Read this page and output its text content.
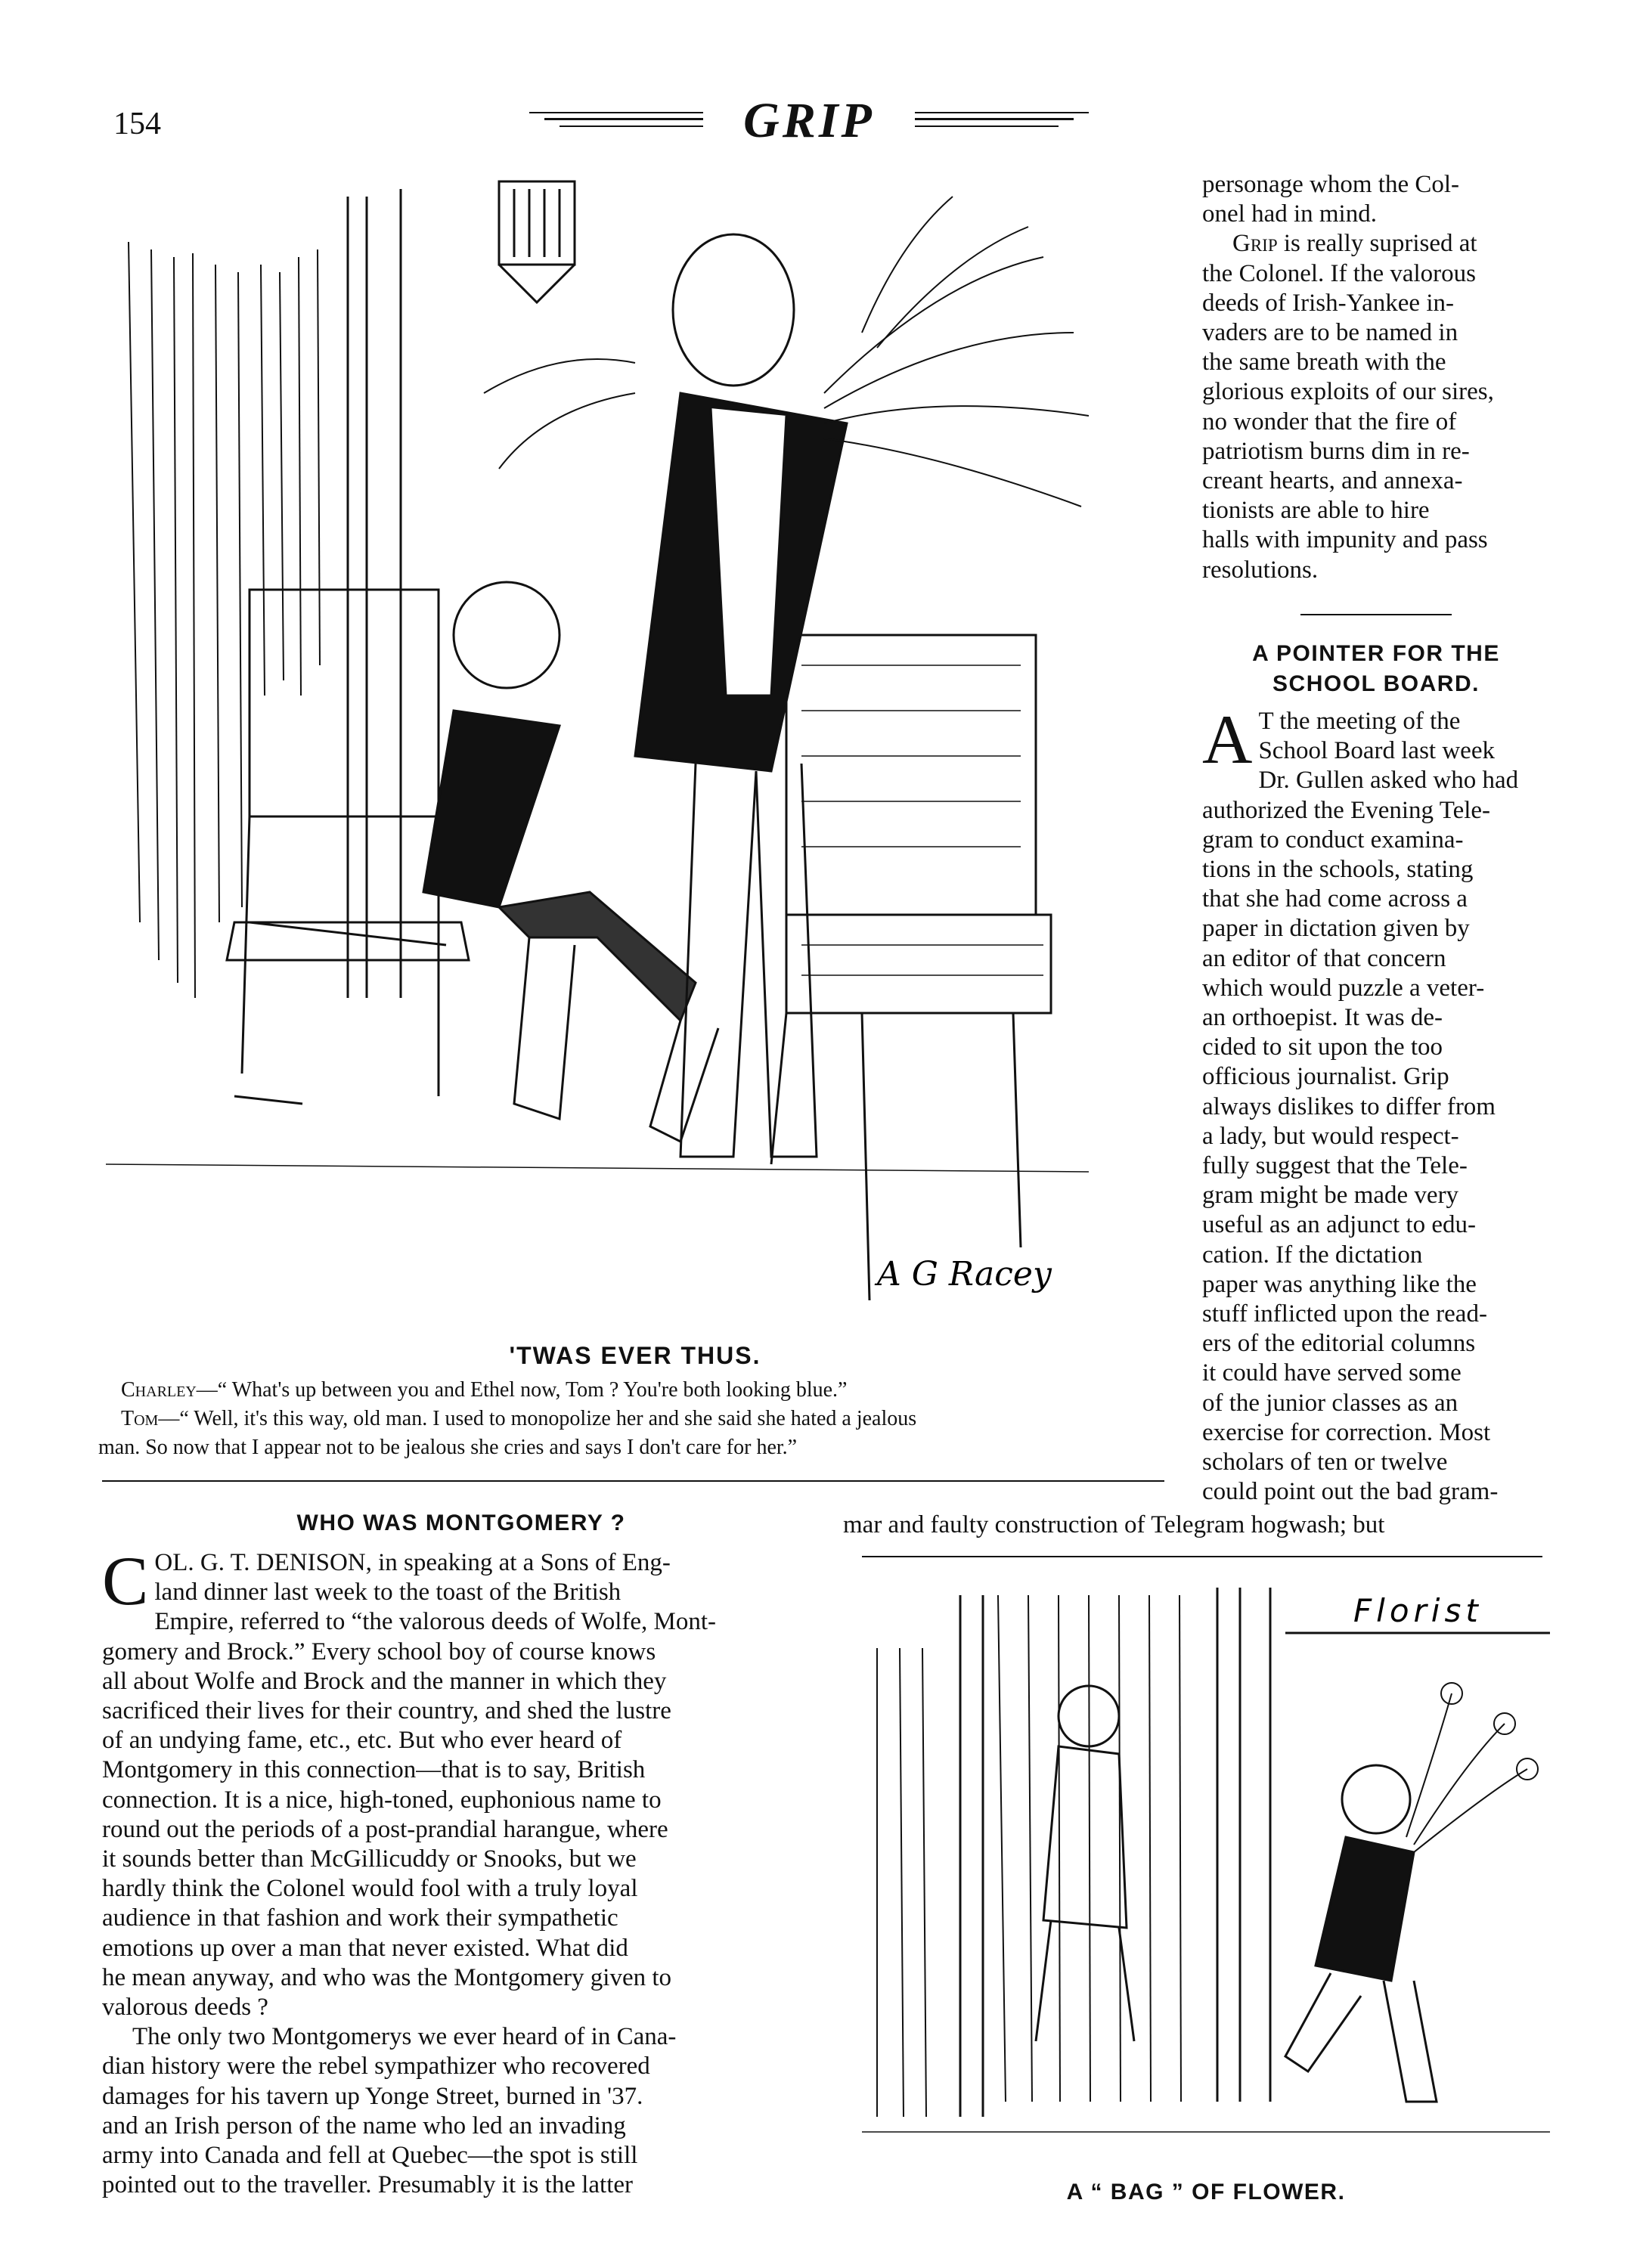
154	GRIP
A G Racey
'TWAS EVER THUS.
Charley—“ What's up between you and Ethel now, Tom ? You're both looking blue.”
Tom—“ Well, it's this way, old man. I used to monopolize her and she said she hated a jealous
man. So now that I appear not to be jealous she cries and says I don't care for her.”

personage whom the Col-

onel had in mind.

Grip is really suprised at

the Colonel. If the valorous

deeds of Irish-Yankee in-

vaders are to be named in

the same breath with the

glorious exploits of our sires,

no wonder that the fire of

patriotism burns dim in re-

creant hearts, and annexa-

tionists are able to hire

halls with impunity and pass

resolutions.

A POINTER FOR THE
SCHOOL BOARD.
A T the meeting of the

School Board last week

Dr. Gullen asked who had

authorized the Evening Tele-

gram to conduct examina-

tions in the schools, stating

that she had come across a

paper in dictation given by

an editor of that concern

which would puzzle a veter-

an orthoepist. It was de-

cided to sit upon the too

officious journalist. Grip

always dislikes to differ from

a lady, but would respect-

fully suggest that the Tele-

gram might be made very

useful as an adjunct to edu-

cation. If the dictation

paper was anything like the

stuff inflicted upon the read-

ers of the editorial columns

it could have served some

of the junior classes as an

exercise for correction. Most

scholars of ten or twelve

could point out the bad gram-

mar and faulty construction of Telegram hogwash; but
WHO WAS MONTGOMERY ?
C OL. G. T. DENISON, in speaking at a Sons of Eng-

land dinner last week to the toast of the British

Empire, referred to “the valorous deeds of Wolfe, Mont-

gomery and Brock.” Every school boy of course knows

all about Wolfe and Brock and the manner in which they

sacrificed their lives for their country, and shed the lustre

of an undying fame, etc., etc. But who ever heard of

Montgomery in this connection—that is to say, British

connection. It is a nice, high-toned, euphonious name to

round out the periods of a post-prandial harangue, where

it sounds better than McGillicuddy or Snooks, but we

hardly think the Colonel would fool with a truly loyal

audience in that fashion and work their sympathetic

emotions up over a man that never existed. What did

he mean anyway, and who was the Montgomery given to

valorous deeds ?

The only two Montgomerys we ever heard of in Cana-

dian history were the rebel sympathizer who recovered

damages for his tavern up Yonge Street, burned in '37.

and an Irish person of the name who led an invading

army into Canada and fell at Quebec—the spot is still

pointed out to the traveller. Presumably it is the latter

Florist
A “ BAG ” OF FLOWER.
